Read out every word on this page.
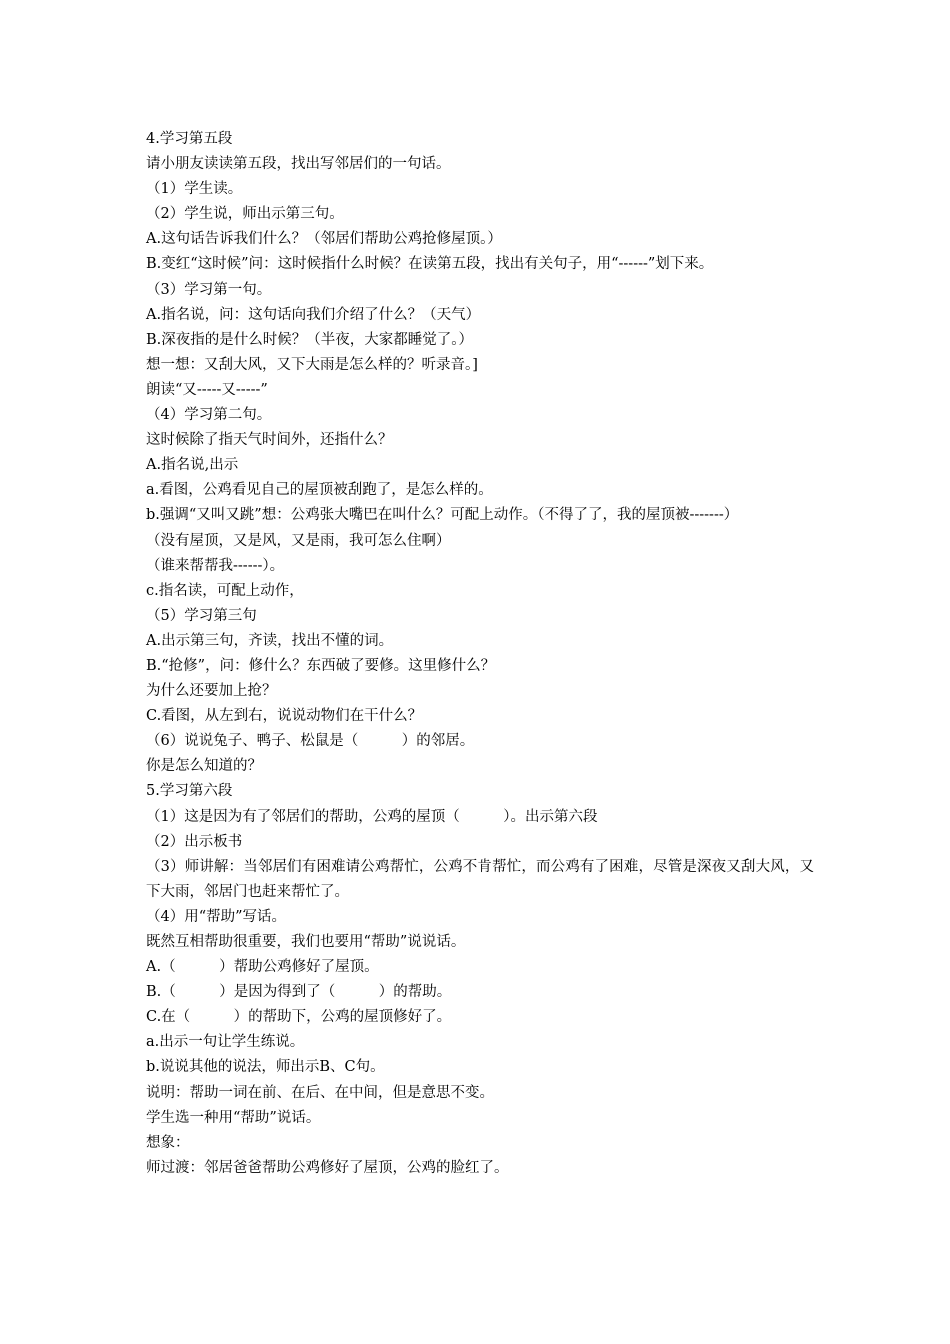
4.学习第五段
请小朋友读读第五段，找出写邻居们的一句话。
（1）学生读。
（2）学生说，师出示第三句。
A.这句话告诉我们什么？（邻居们帮助公鸡抢修屋顶。）
B.变红“这时候”问：这时候指什么时候？在读第五段，找出有关句子，用“------”划下来。
（3）学习第一句。
A.指名说，问：这句话向我们介绍了什么？（天气）
B.深夜指的是什么时候？（半夜，大家都睡觉了。）
想一想：又刮大风，又下大雨是怎么样的？听录音。]
朗读“又-----又-----”
（4）学习第二句。
这时候除了指天气时间外，还指什么？
A.指名说,出示
a.看图，公鸡看见自己的屋顶被刮跑了，是怎么样的。
b.强调“又叫又跳”想：公鸡张大嘴巴在叫什么？可配上动作。（不得了了，我的屋顶被-------）
（没有屋顶，又是风，又是雨，我可怎么住啊）
（谁来帮帮我------）。
c.指名读，可配上动作，
（5）学习第三句
A.出示第三句，齐读，找出不懂的词。
B.“抢修”，问：修什么？东西破了要修。这里修什么？
为什么还要加上抢？
C.看图，从左到右，说说动物们在干什么？
（6）说说兔子、鸭子、松鼠是（　　　）的邻居。
你是怎么知道的？
5.学习第六段
（1）这是因为有了邻居们的帮助，公鸡的屋顶（　　　）。出示第六段
（2）出示板书
（3）师讲解：当邻居们有困难请公鸡帮忙，公鸡不肯帮忙，而公鸡有了困难，尽管是深夜又刮大风，又下大雨，邻居门也赶来帮忙了。
（4）用“帮助”写话。
既然互相帮助很重要，我们也要用“帮助”说说话。
A.（　　　）帮助公鸡修好了屋顶。
B.（　　　）是因为得到了（　　　）的帮助。
C.在（　　　）的帮助下，公鸡的屋顶修好了。
a.出示一句让学生练说。
b.说说其他的说法，师出示B、C句。
说明：帮助一词在前、在后、在中间，但是意思不变。
学生选一种用“帮助”说话。
想象：
师过渡：邻居爸爸帮助公鸡修好了屋顶，公鸡的脸红了。
